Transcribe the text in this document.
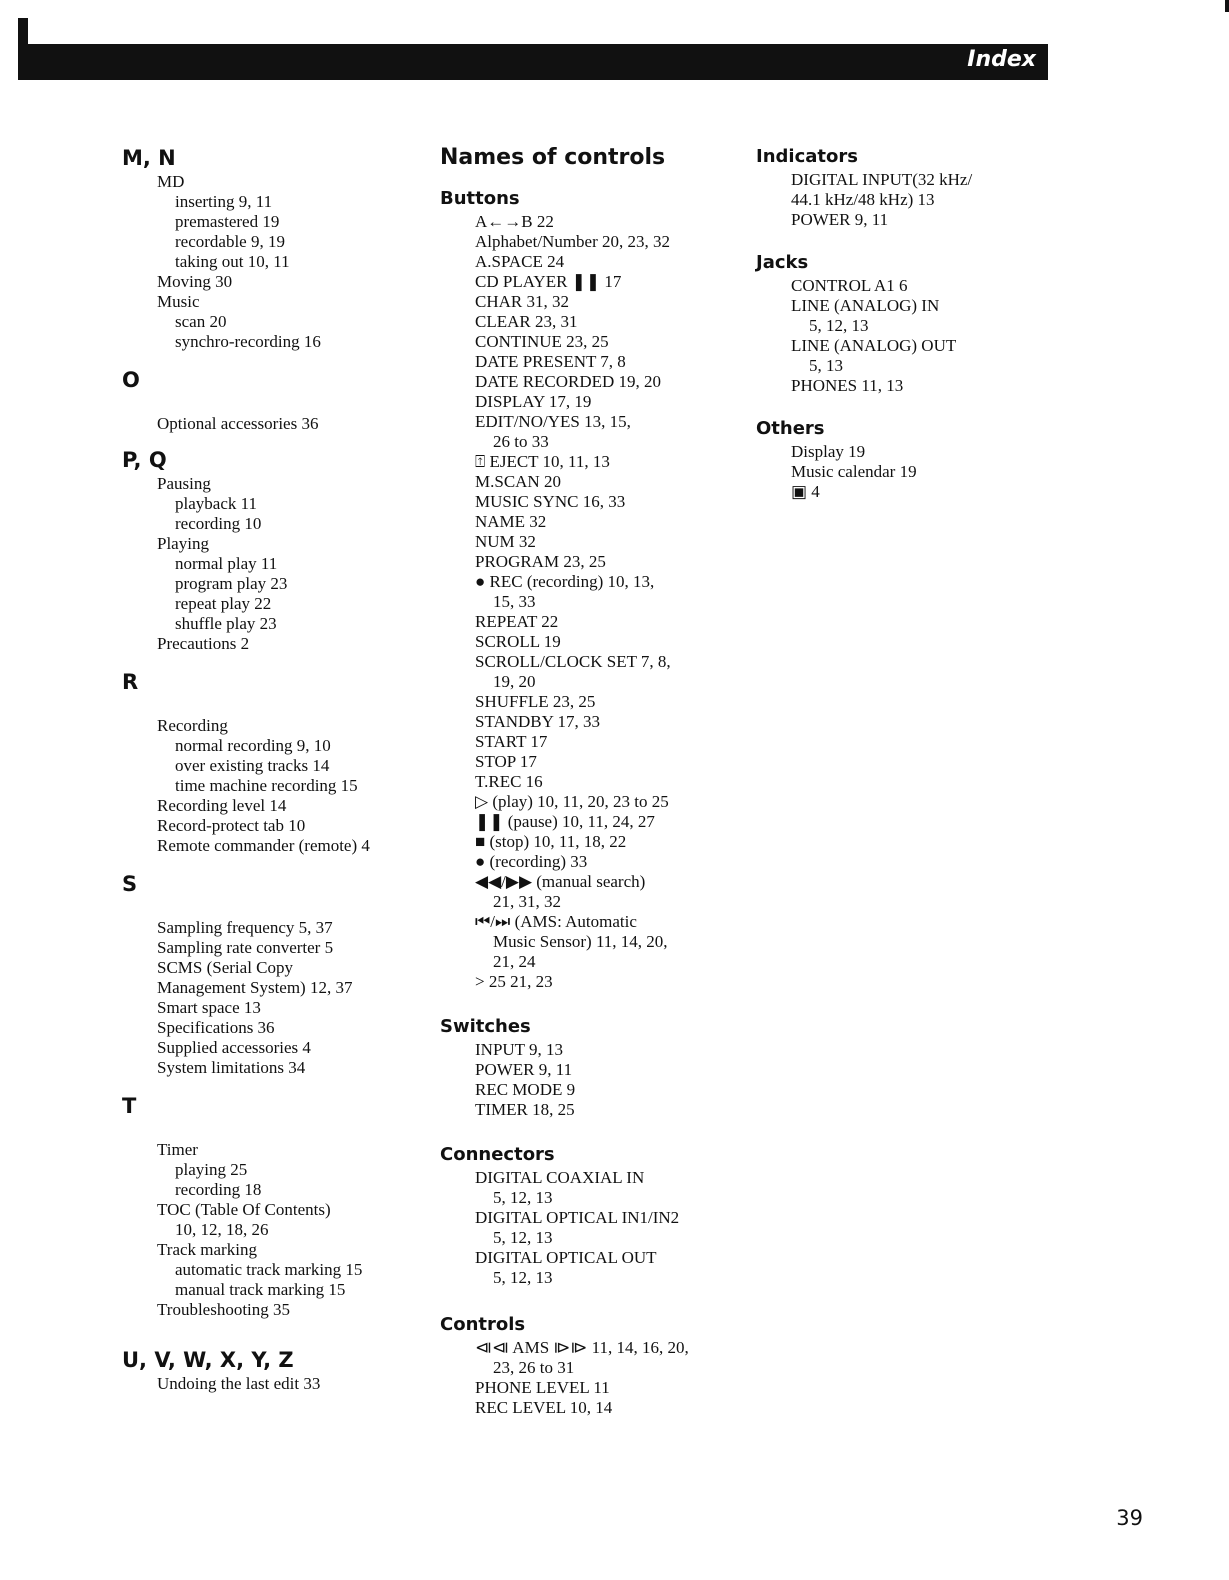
Index
M, N
MD
inserting 9, 11
premastered 19
recordable 9, 19
taking out 10, 11
Moving 30
Music
scan 20
synchro-recording 16
O

Optional accessories 36
P, Q
Pausing
playback 11
recording 10
Playing
normal play 11
program play 23
repeat play 22
shuffle play 23
Precautions 2
R

Recording
normal recording 9, 10
over existing tracks 14
time machine recording 15
Recording level 14
Record-protect tab 10
Remote commander (remote) 4
S

Sampling frequency 5, 37
Sampling rate converter 5
SCMS (Serial Copy
Management System) 12, 37
Smart space 13
Specifications 36
Supplied accessories 4
System limitations 34
T

Timer
playing 25
recording 18
TOC (Table Of Contents)
10, 12, 18, 26
Track marking
automatic track marking 15
manual track marking 15
Troubleshooting 35
U, V, W, X, Y, Z
Undoing the last edit 33
Names of controls
Buttons
A←→B 22
Alphabet/Number 20, 23, 32
A.SPACE 24
CD PLAYER ❚❚ 17
CHAR 31, 32
CLEAR 23, 31
CONTINUE 23, 25
DATE PRESENT 7, 8
DATE RECORDED 19, 20
DISPLAY 17, 19
EDIT/NO/YES 13, 15,
26 to 33
⍐ EJECT 10, 11, 13
M.SCAN 20
MUSIC SYNC 16, 33
NAME 32
NUM 32
PROGRAM 23, 25
● REC (recording) 10, 13,
15, 33
REPEAT 22
SCROLL 19
SCROLL/CLOCK SET 7, 8,
19, 20
SHUFFLE 23, 25
STANDBY 17, 33
START 17
STOP 17
T.REC 16
▷ (play) 10, 11, 20, 23 to 25
❚❚ (pause) 10, 11, 24, 27
■ (stop) 10, 11, 18, 22
● (recording) 33
◀◀/▶▶ (manual search)
21, 31, 32
⏮/⏭ (AMS: Automatic
Music Sensor) 11, 14, 20,
21, 24
> 25 21, 23
Switches
INPUT 9, 13
POWER 9, 11
REC MODE 9
TIMER 18, 25
Connectors
DIGITAL COAXIAL IN
5, 12, 13
DIGITAL OPTICAL IN1/IN2
5, 12, 13
DIGITAL OPTICAL OUT
5, 12, 13
Controls
⧏⧏ AMS ⧐⧐ 11, 14, 16, 20,
23, 26 to 31
PHONE LEVEL 11
REC LEVEL 10, 14
Indicators
DIGITAL INPUT(32 kHz/
44.1 kHz/48 kHz) 13
POWER 9, 11
Jacks
CONTROL A1 6
LINE (ANALOG) IN
5, 12, 13
LINE (ANALOG) OUT
5, 13
PHONES 11, 13
Others
Display 19
Music calendar 19
▣ 4
39
